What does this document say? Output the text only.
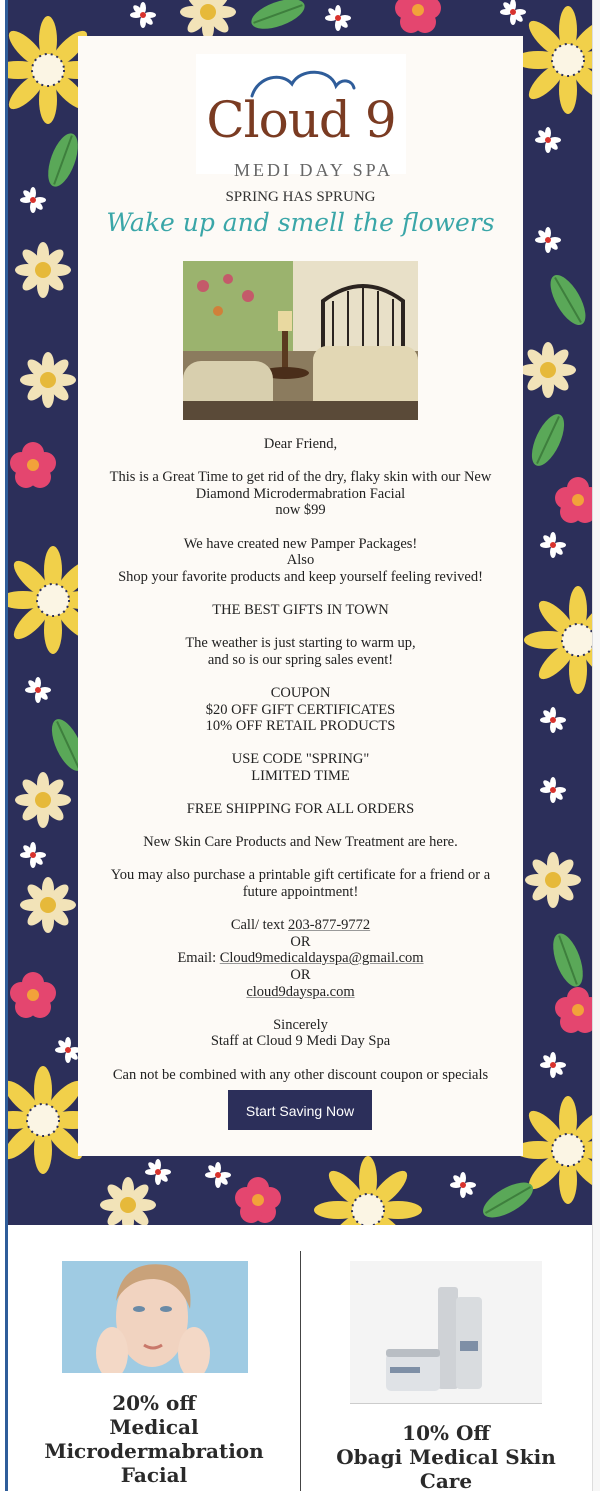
Cloud 9
MEDI DAY SPA
SPRING HAS SPRUNG
Wake up and smell the flowers

Dear Friend,

This is a Great Time to get rid of the dry, flaky skin with our New Diamond Microdermabration Facial
now $99

We have created new Pamper Packages!
Also
Shop your favorite products and keep yourself feeling revived!

THE BEST GIFTS IN TOWN

The weather is just starting to warm up,
and so is our spring sales event!

COUPON
$20 OFF GIFT CERTIFICATES
10% OFF RETAIL PRODUCTS

USE CODE "SPRING"
LIMITED TIME

FREE SHIPPING FOR ALL ORDERS

New Skin Care Products and New Treatment are here.

You may also purchase a printable gift certificate for a friend or a future appointment!

Call/ text 203-877-9772
OR
Email: Cloud9medicaldayspa@gmail.com
OR
cloud9dayspa.com

Sincerely
Staff at Cloud 9 Medi Day Spa

Can not be combined with any other discount coupon or specials

Start Saving Now
20% off
Medical
Microdermabration
Facial
10% Off
Obagi Medical Skin
Care
